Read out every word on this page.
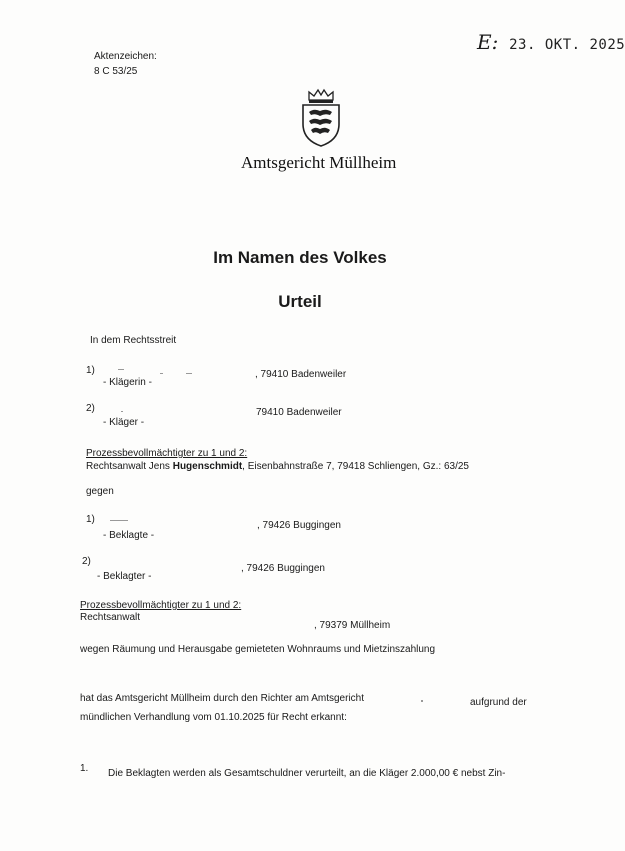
Aktenzeichen:
8 C 53/25
E: 23. OKT. 2025
Amtsgericht Müllheim
Im Namen des Volkes
Urteil
In dem Rechtsstreit
1)	, 79410 Badenweiler
- Klägerin -
2)	79410 Badenweiler
- Kläger -
Prozessbevollmächtigter zu 1 und 2:
Rechtsanwalt Jens Hugenschmidt, Eisenbahnstraße 7, 79418 Schliengen, Gz.: 63/25
gegen
1)
, 79426 Buggingen
- Beklagte -
2)
, 79426 Buggingen
- Beklagter -
Prozessbevollmächtigter zu 1 und 2:
Rechtsanwalt
, 79379 Müllheim
wegen Räumung und Herausgabe gemieteten Wohnraums und Mietzinszahlung
hat das Amtsgericht Müllheim durch den Richter am Amtsgericht	aufgrund der
mündlichen Verhandlung vom 01.10.2025 für Recht erkannt:
1. Die Beklagten werden als Gesamtschuldner verurteilt, an die Kläger 2.000,00 € nebst Zin-
